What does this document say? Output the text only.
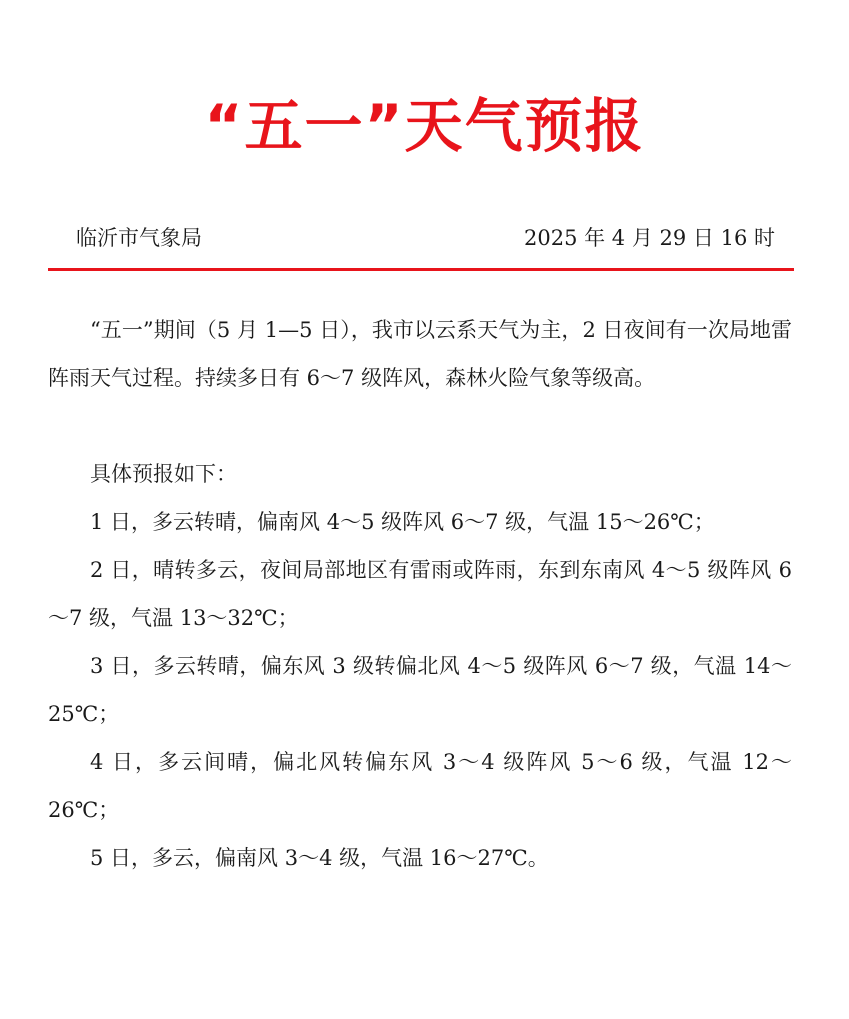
“五一”天气预报
临沂市气象局	2025 年 4 月 29 日 16 时

“五一”期间（5 月 1—5 日），我市以云系天气为主，2 日夜间有一次局地雷阵雨天气过程。持续多日有 6～7 级阵风，森林火险气象等级高。

具体预报如下：

1 日，多云转晴，偏南风 4～5 级阵风 6～7 级，气温 15～26℃；

2 日，晴转多云，夜间局部地区有雷雨或阵雨，东到东南风 4～5 级阵风 6～7 级，气温 13～32℃；

3 日，多云转晴，偏东风 3 级转偏北风 4～5 级阵风 6～7 级，气温 14～25℃；

4 日，多云间晴，偏北风转偏东风 3～4 级阵风 5～6 级，气温 12～26℃；

5 日，多云，偏南风 3～4 级，气温 16～27℃。
